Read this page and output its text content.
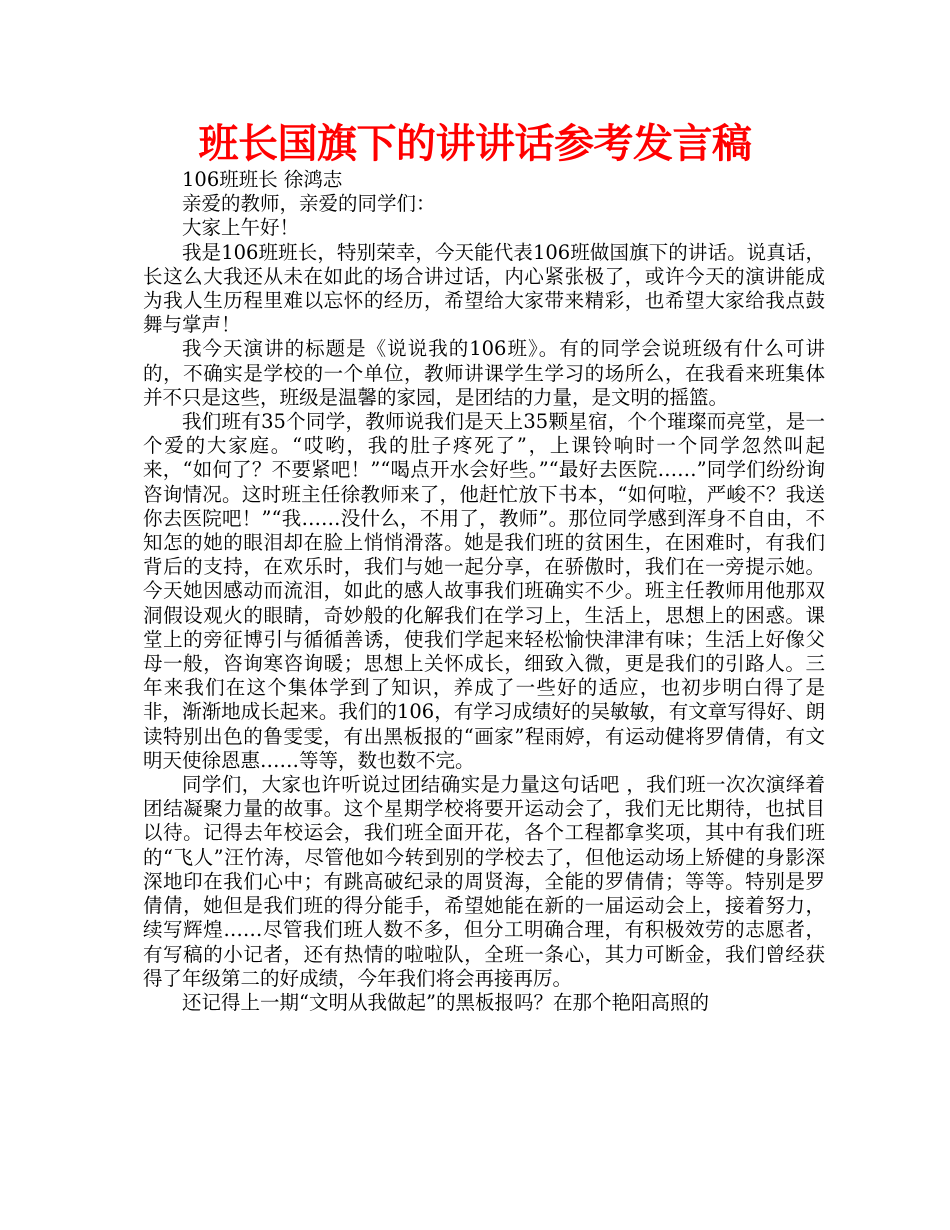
班长国旗下的讲讲话参考发言稿

106班班长 徐鸿志

亲爱的教师，亲爱的同学们：

大家上午好！

我是106班班长，特别荣幸，今天能代表106班做国旗下的讲话。说真话，长这么大我还从未在如此的场合讲过话，内心紧张极了，或许今天的演讲能成为我人生历程里难以忘怀的经历，希望给大家带来精彩，也希望大家给我点鼓舞与掌声！

我今天演讲的标题是《说说我的106班》。有的同学会说班级有什么可讲的，不确实是学校的一个单位，教师讲课学生学习的场所么，在我看来班集体并不只是这些，班级是温馨的家园，是团结的力量，是文明的摇篮。

我们班有35个同学，教师说我们是天上35颗星宿，个个璀璨而亮堂，是一个爱的大家庭。“哎哟，我的肚子疼死了”，上课铃响时一个同学忽然叫起来，“如何了？不要紧吧！”“喝点开水会好些。”“最好去医院……”同学们纷纷询咨询情况。这时班主任徐教师来了，他赶忙放下书本，“如何啦，严峻不？我送你去医院吧！”“我……没什么，不用了，教师”。那位同学感到浑身不自由，不知怎的她的眼泪却在脸上悄悄滑落。她是我们班的贫困生，在困难时，有我们背后的支持，在欢乐时，我们与她一起分享，在骄傲时，我们在一旁提示她。今天她因感动而流泪，如此的感人故事我们班确实不少。班主任教师用他那双洞假设观火的眼睛，奇妙般的化解我们在学习上，生活上，思想上的困惑。课堂上的旁征博引与循循善诱，使我们学起来轻松愉快津津有味；生活上好像父母一般，咨询寒咨询暖；思想上关怀成长，细致入微，更是我们的引路人。三年来我们在这个集体学到了知识，养成了一些好的适应，也初步明白得了是非，渐渐地成长起来。我们的106，有学习成绩好的吴敏敏，有文章写得好、朗读特别出色的鲁雯雯，有出黑板报的“画家”程雨婷，有运动健将罗倩倩，有文明天使徐恩惠……等等，数也数不完。

同学们，大家也许听说过团结确实是力量这句话吧 ，我们班一次次演绎着团结凝聚力量的故事。这个星期学校将要开运动会了，我们无比期待，也拭目以待。记得去年校运会，我们班全面开花，各个工程都拿奖项，其中有我们班的“飞人”汪竹涛，尽管他如今转到别的学校去了，但他运动场上矫健的身影深深地印在我们心中；有跳高破纪录的周贤海，全能的罗倩倩；等等。特别是罗倩倩，她但是我们班的得分能手，希望她能在新的一届运动会上，接着努力，续写辉煌……尽管我们班人数不多，但分工明确合理，有积极效劳的志愿者，有写稿的小记者，还有热情的啦啦队，全班一条心，其力可断金，我们曾经获得了年级第二的好成绩，今年我们将会再接再厉。

还记得上一期“文明从我做起”的黑板报吗？在那个艳阳高照的
